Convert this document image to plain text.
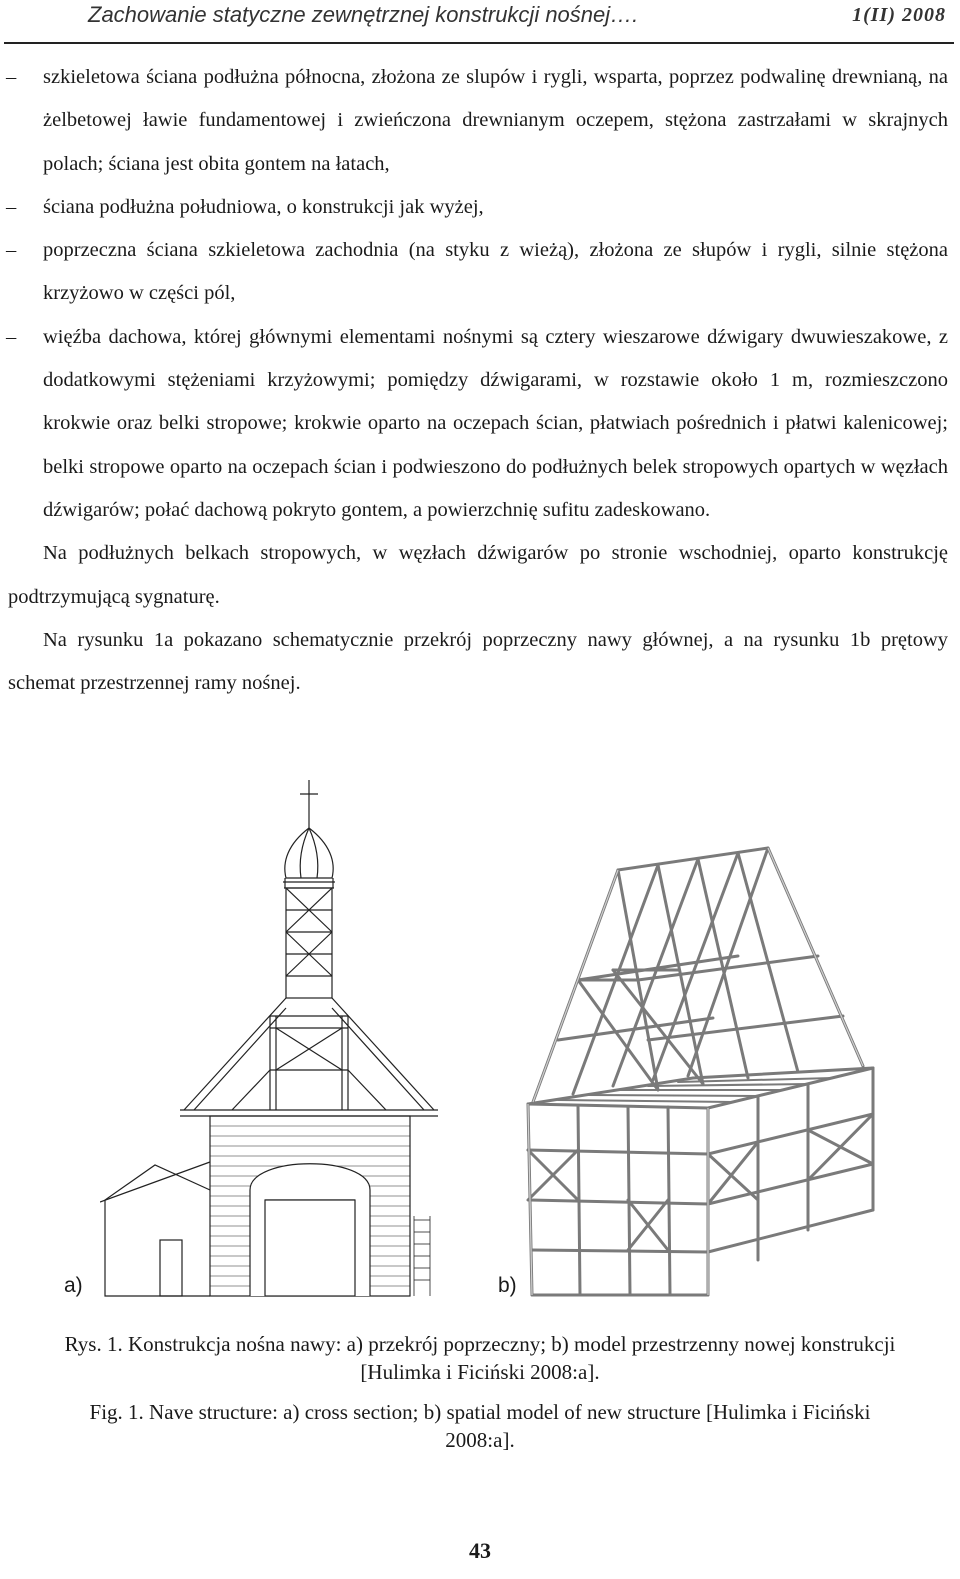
Zachowanie statyczne zewnętrznej konstrukcji nośnej….	1(II) 2008
– szkieletowa ściana podłużna północna, złożona ze slupów i rygli, wsparta, poprzez podwalinę drewnianą, na żelbetowej ławie fundamentowej i zwieńczona drewnianym oczepem, stężona zastrzałami w skrajnych polach; ściana jest obita gontem na łatach,
– ściana podłużna południowa, o konstrukcji jak wyżej,
– poprzeczna ściana szkieletowa zachodnia (na styku z wieżą), złożona ze słupów i rygli, silnie stężona krzyżowo w części pól,
– więźba dachowa, której głównymi elementami nośnymi są cztery wieszarowe dźwigary dwuwieszakowe, z dodatkowymi stężeniami krzyżowymi; pomiędzy dźwigarami, w rozstawie około 1 m, rozmieszczono krokwie oraz belki stropowe; krokwie oparto na oczepach ścian, płatwiach pośrednich i płatwi kalenicowej; belki stropowe oparto na oczepach ścian i podwieszono do podłużnych belek stropowych opartych w węzłach dźwigarów; połać dachową pokryto gontem, a powierzchnię sufitu zadeskowano.
Na podłużnych belkach stropowych, w węzłach dźwigarów po stronie wschodniej, oparto konstrukcję podtrzymującą sygnaturę.
Na rysunku 1a pokazano schematycznie przekrój poprzeczny nawy głównej, a na rysunku 1b prętowy schemat przestrzennej ramy nośnej.
a)	b)
Rys. 1. Konstrukcja nośna nawy: a) przekrój poprzeczny; b) model przestrzenny nowej konstrukcji [Hulimka i Ficiński 2008:a].
Fig. 1. Nave structure: a) cross section; b) spatial model of new structure [Hulimka i Ficiński 2008:a].
43
